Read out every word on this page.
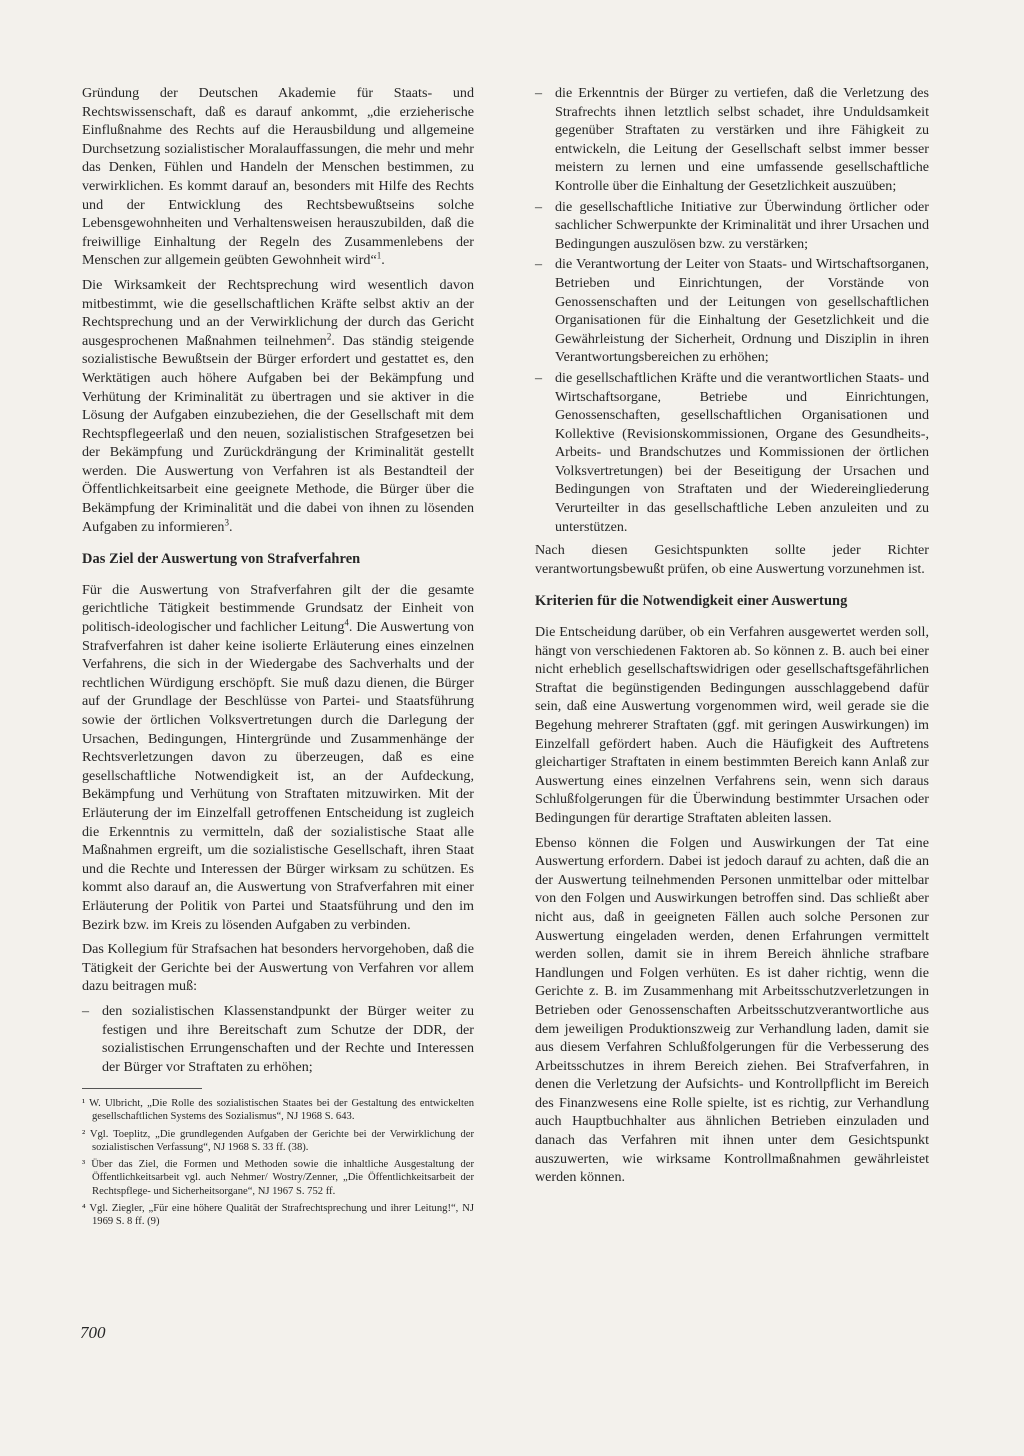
Gründung der Deutschen Akademie für Staats- und Rechtswissenschaft, daß es darauf ankommt, „die erzieherische Einflußnahme des Rechts auf die Herausbildung und allgemeine Durchsetzung sozialistischer Moralauffassungen, die mehr und mehr das Denken, Fühlen und Handeln der Menschen bestimmen, zu verwirklichen. Es kommt darauf an, besonders mit Hilfe des Rechts und der Entwicklung des Rechtsbewußtseins solche Lebensgewohnheiten und Verhaltensweisen herauszubilden, daß die freiwillige Einhaltung der Regeln des Zusammenlebens der Menschen zur allgemein geübten Gewohnheit wird“$^1$.

Die Wirksamkeit der Rechtsprechung wird wesentlich davon mitbestimmt, wie die gesellschaftlichen Kräfte selbst aktiv an der Rechtsprechung und an der Verwirklichung der durch das Gericht ausgesprochenen Maßnahmen teilnehmen$^2$. Das ständig steigende sozialistische Bewußtsein der Bürger erfordert und gestattet es, den Werktätigen auch höhere Aufgaben bei der Bekämpfung und Verhütung der Kriminalität zu übertragen und sie aktiver in die Lösung der Aufgaben einzubeziehen, die der Gesellschaft mit dem Rechtspflegeerlaß und den neuen, sozialistischen Strafgesetzen bei der Bekämpfung und Zurückdrängung der Kriminalität gestellt werden. Die Auswertung von Verfahren ist als Bestandteil der Öffentlichkeitsarbeit eine geeignete Methode, die Bürger über die Bekämpfung der Kriminalität und die dabei von ihnen zu lösenden Aufgaben zu informieren$^3$.

Das Ziel der Auswertung von Strafverfahren

Für die Auswertung von Strafverfahren gilt der die gesamte gerichtliche Tätigkeit bestimmende Grundsatz der Einheit von politisch-ideologischer und fachlicher Leitung$^4$. Die Auswertung von Strafverfahren ist daher keine isolierte Erläuterung eines einzelnen Verfahrens, die sich in der Wiedergabe des Sachverhalts und der rechtlichen Würdigung erschöpft. Sie muß dazu dienen, die Bürger auf der Grundlage der Beschlüsse von Partei- und Staatsführung sowie der örtlichen Volksvertretungen durch die Darlegung der Ursachen, Bedingungen, Hintergründe und Zusammenhänge der Rechtsverletzungen davon zu überzeugen, daß es eine gesellschaftliche Notwendigkeit ist, an der Aufdeckung, Bekämpfung und Verhütung von Straftaten mitzuwirken. Mit der Erläuterung der im Einzelfall getroffenen Entscheidung ist zugleich die Erkenntnis zu vermitteln, daß der sozialistische Staat alle Maßnahmen ergreift, um die sozialistische Gesellschaft, ihren Staat und die Rechte und Interessen der Bürger wirksam zu schützen. Es kommt also darauf an, die Auswertung von Strafverfahren mit einer Erläuterung der Politik von Partei und Staatsführung und den im Bezirk bzw. im Kreis zu lösenden Aufgaben zu verbinden.

Das Kollegium für Strafsachen hat besonders hervorgehoben, daß die Tätigkeit der Gerichte bei der Auswertung von Verfahren vor allem dazu beitragen muß:

– den sozialistischen Klassenstandpunkt der Bürger weiter zu festigen und ihre Bereitschaft zum Schutze der DDR, der sozialistischen Errungenschaften und der Rechte und Interessen der Bürger vor Straftaten zu erhöhen;

¹ W. Ulbricht, „Die Rolle des sozialistischen Staates bei der Gestaltung des entwickelten gesellschaftlichen Systems des Sozialismus“, NJ 1968 S. 643.

² Vgl. Toeplitz, „Die grundlegenden Aufgaben der Gerichte bei der Verwirklichung der sozialistischen Verfassung“, NJ 1968 S. 33 ff. (38).

³ Über das Ziel, die Formen und Methoden sowie die inhaltliche Ausgestaltung der Öffentlichkeitsarbeit vgl. auch Nehmer/ Wostry/Zenner, „Die Öffentlichkeitsarbeit der Rechtspflege- und Sicherheitsorgane“, NJ 1967 S. 752 ff.

⁴ Vgl. Ziegler, „Für eine höhere Qualität der Strafrechtsprechung und ihrer Leitung!“, NJ 1969 S. 8 ff. (9)

– die Erkenntnis der Bürger zu vertiefen, daß die Verletzung des Strafrechts ihnen letztlich selbst schadet, ihre Unduldsamkeit gegenüber Straftaten zu verstärken und ihre Fähigkeit zu entwickeln, die Leitung der Gesellschaft selbst immer besser meistern zu lernen und eine umfassende gesellschaftliche Kontrolle über die Einhaltung der Gesetzlichkeit auszuüben;
– die gesellschaftliche Initiative zur Überwindung örtlicher oder sachlicher Schwerpunkte der Kriminalität und ihrer Ursachen und Bedingungen auszulösen bzw. zu verstärken;
– die Verantwortung der Leiter von Staats- und Wirtschaftsorganen, Betrieben und Einrichtungen, der Vorstände von Genossenschaften und der Leitungen von gesellschaftlichen Organisationen für die Einhaltung der Gesetzlichkeit und die Gewährleistung der Sicherheit, Ordnung und Disziplin in ihren Verantwortungsbereichen zu erhöhen;
– die gesellschaftlichen Kräfte und die verantwortlichen Staats- und Wirtschaftsorgane, Betriebe und Einrichtungen, Genossenschaften, gesellschaftlichen Organisationen und Kollektive (Revisionskommissionen, Organe des Gesundheits-, Arbeits- und Brandschutzes und Kommissionen der örtlichen Volksvertretungen) bei der Beseitigung der Ursachen und Bedingungen von Straftaten und der Wiedereingliederung Verurteilter in das gesellschaftliche Leben anzuleiten und zu unterstützen.

Nach diesen Gesichtspunkten sollte jeder Richter verantwortungsbewußt prüfen, ob eine Auswertung vorzunehmen ist.

Kriterien für die Notwendigkeit einer Auswertung

Die Entscheidung darüber, ob ein Verfahren ausgewertet werden soll, hängt von verschiedenen Faktoren ab. So können z. B. auch bei einer nicht erheblich gesellschaftswidrigen oder gesellschaftsgefährlichen Straftat die begünstigenden Bedingungen ausschlaggebend dafür sein, daß eine Auswertung vorgenommen wird, weil gerade sie die Begehung mehrerer Straftaten (ggf. mit geringen Auswirkungen) im Einzelfall gefördert haben. Auch die Häufigkeit des Auftretens gleichartiger Straftaten in einem bestimmten Bereich kann Anlaß zur Auswertung eines einzelnen Verfahrens sein, wenn sich daraus Schlußfolgerungen für die Überwindung bestimmter Ursachen oder Bedingungen für derartige Straftaten ableiten lassen.

Ebenso können die Folgen und Auswirkungen der Tat eine Auswertung erfordern. Dabei ist jedoch darauf zu achten, daß die an der Auswertung teilnehmenden Personen unmittelbar oder mittelbar von den Folgen und Auswirkungen betroffen sind. Das schließt aber nicht aus, daß in geeigneten Fällen auch solche Personen zur Auswertung eingeladen werden, denen Erfahrungen vermittelt werden sollen, damit sie in ihrem Bereich ähnliche strafbare Handlungen und Folgen verhüten. Es ist daher richtig, wenn die Gerichte z. B. im Zusammenhang mit Arbeitsschutzverletzungen in Betrieben oder Genossenschaften Arbeitsschutzverantwortliche aus dem jeweiligen Produktionszweig zur Verhandlung laden, damit sie aus diesem Verfahren Schlußfolgerungen für die Verbesserung des Arbeitsschutzes in ihrem Bereich ziehen. Bei Strafverfahren, in denen die Verletzung der Aufsichts- und Kontrollpflicht im Bereich des Finanzwesens eine Rolle spielte, ist es richtig, zur Verhandlung auch Hauptbuchhalter aus ähnlichen Betrieben einzuladen und danach das Verfahren mit ihnen unter dem Gesichtspunkt auszuwerten, wie wirksame Kontrollmaßnahmen gewährleistet werden können.

700
